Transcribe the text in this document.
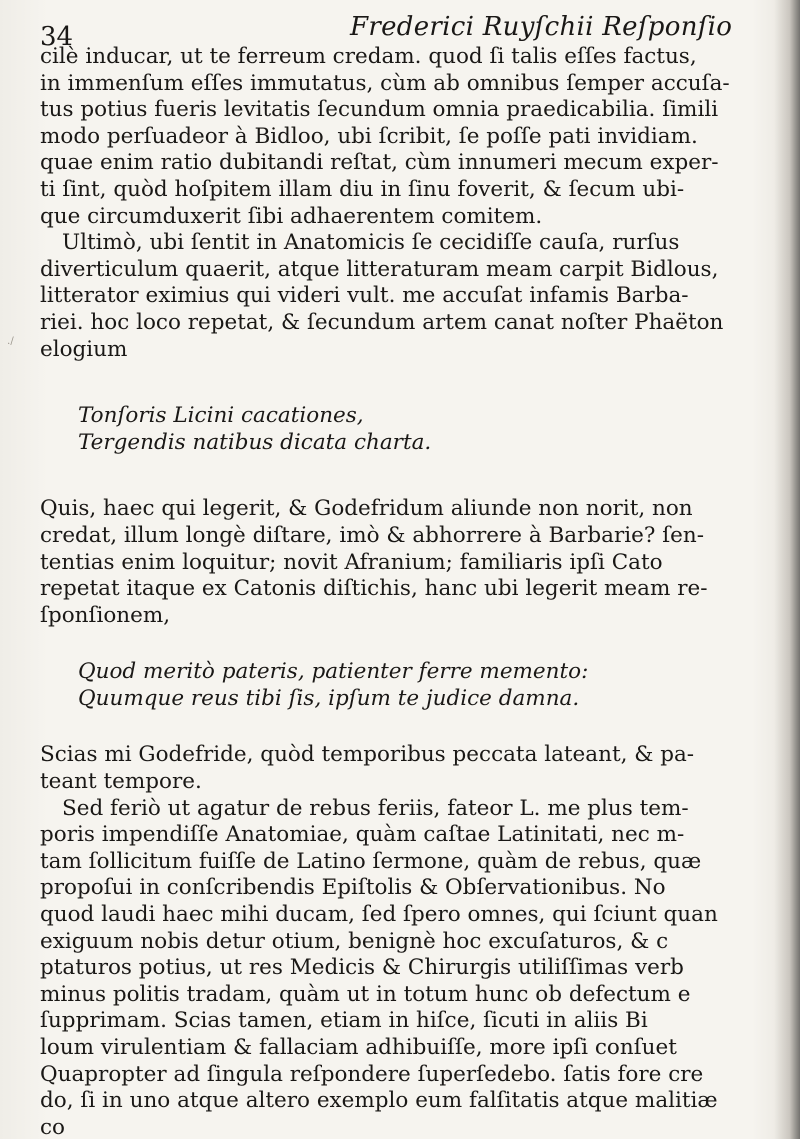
34	Frederici Ruyſchii Reſponſio
․/
cilè inducar, ut te ferreum credam. quod ſi talis eſſes factus,
in immenſum eſſes immutatus, cùm ab omnibus ſemper accuſa-
tus potius fueris levitatis ſecundum omnia praedicabilia. ſimili
modo perſuadeor à Bidloo, ubi ſcribit, ſe poſſe pati invidiam.
quae enim ratio dubitandi reſtat, cùm innumeri mecum exper-
ti ſint, quòd hoſpitem illam diu in ſinu foverit, & ſecum ubi-
que circumduxerit ſibi adhaerentem comitem.
Ultimò, ubi ſentit in Anatomicis ſe cecidiſſe cauſa, rurſus
diverticulum quaerit, atque litteraturam meam carpit Bidlous,
litterator eximius qui videri vult. me accuſat infamis Barba-
riei. hoc loco repetat, & ſecundum artem canat noſter Phaëton
elogium
Tonſoris Licini cacationes,
Tergendis natibus dicata charta.
Quis, haec qui legerit, & Godefridum aliunde non norit, non
credat, illum longè diſtare, imò & abhorrere à Barbarie? ſen-
tentias enim loquitur; novit Afranium; familiaris ipſi Cato
repetat itaque ex Catonis diſtichis, hanc ubi legerit meam re-
ſponſionem,
Quod meritò pateris, patienter ferre memento:
Quumque reus tibi ſis, ipſum te judice damna.
Scias mi Godefride, quòd temporibus peccata lateant, & pa-
teant tempore.
Sed feriò ut agatur de rebus feriis, fateor L. me plus tem-
poris impendiſſe Anatomiae, quàm caſtae Latinitati, nec m-
tam ſollicitum fuiſſe de Latino ſermone, quàm de rebus, quæ
propoſui in conſcribendis Epiſtolis & Obſervationibus. No
quod laudi haec mihi ducam, ſed ſpero omnes, qui ſciunt quan
exiguum nobis detur otium, benignè hoc excuſaturos, & c
ptaturos potius, ut res Medicis & Chirurgis utiliſſimas verb
minus politis tradam, quàm ut in totum hunc ob defectum e
ſupprimam. Scias tamen, etiam in hiſce, ſicuti in aliis Bi
loum virulentiam & fallaciam adhibuiſſe, more ipſi conſuet
Quapropter ad ſingula reſpondere ſuperſedebo. ſatis fore cre
do, ſi in uno atque altero exemplo eum falſitatis atque malitiæ
co
